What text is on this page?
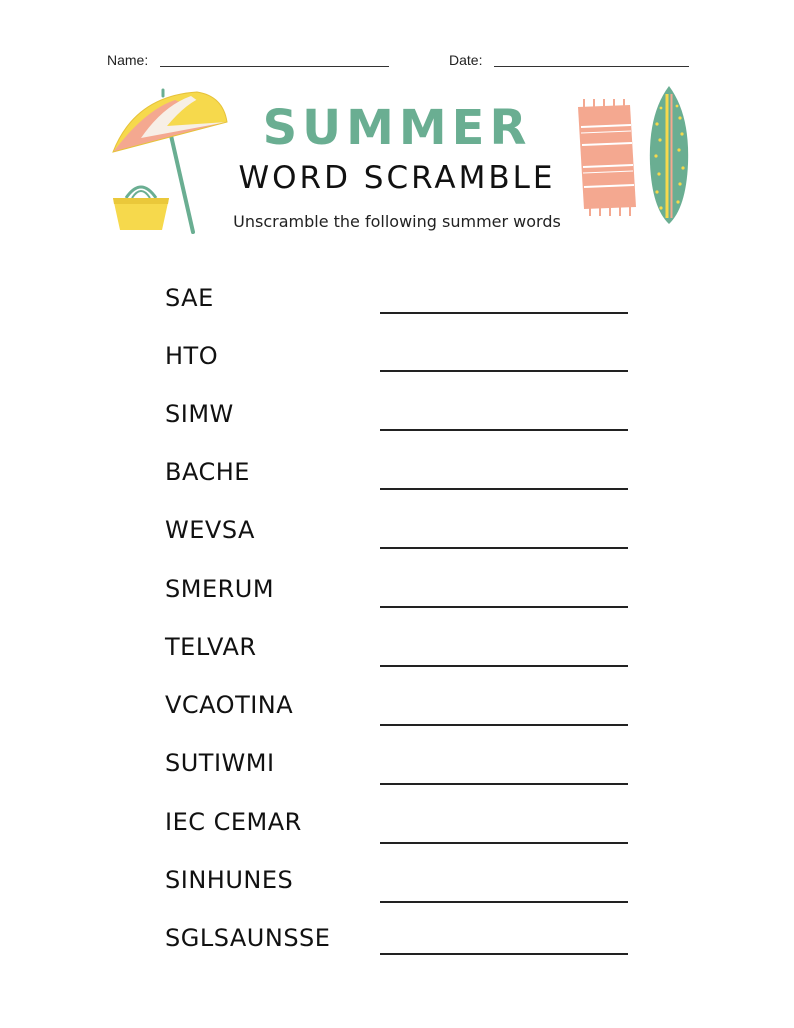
Name:	Date:
SUMMER
WORD SCRAMBLE
Unscramble the following summer words
SAE
HTO
SIMW
BACHE
WEVSA
SMERUM
TELVAR
VCAOTINA
SUTIWMI
IEC CEMAR
SINHUNES
SGLSAUNSSE
